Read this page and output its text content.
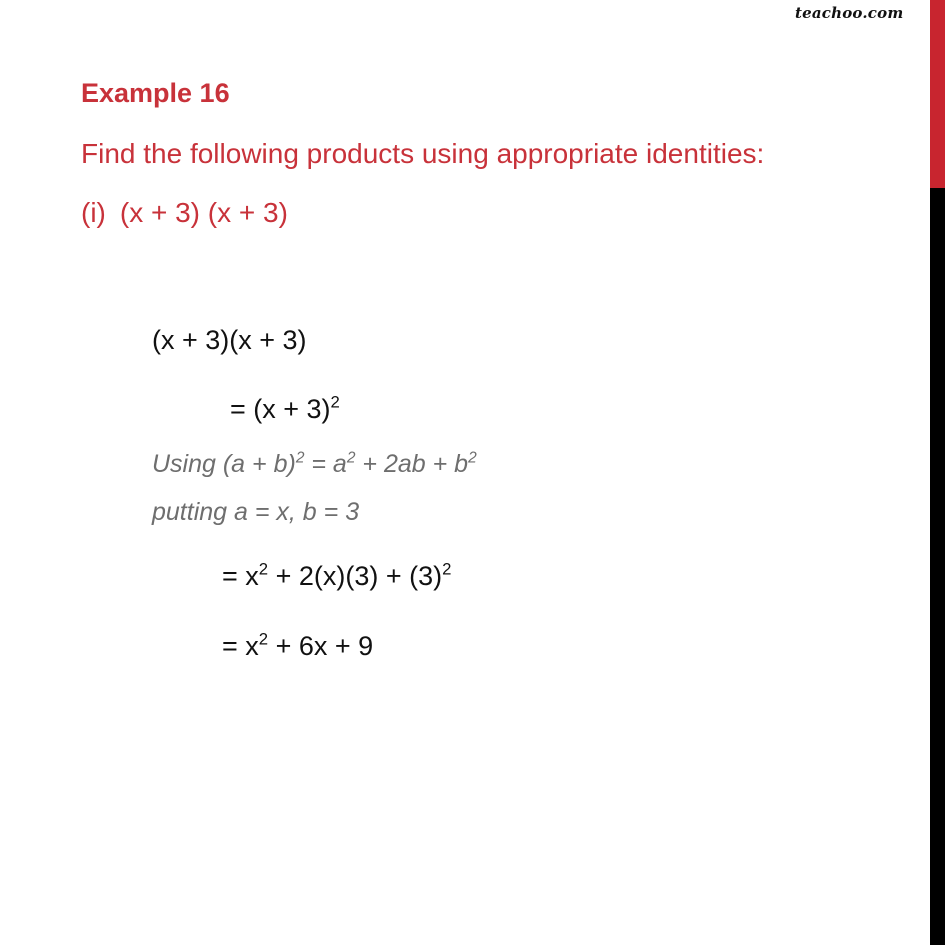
teachoo.com
Example 16
Find the following products using appropriate identities:
(i) (x + 3) (x + 3)
(x + 3)(x + 3)
= $(x + 3)^2$
Using $(a + b)^2 = a^2 + 2ab + b^2$
putting a = x, b = 3
= $x^2 + 2(x)(3) + (3)^2$
= $x^2 + 6x + 9$
